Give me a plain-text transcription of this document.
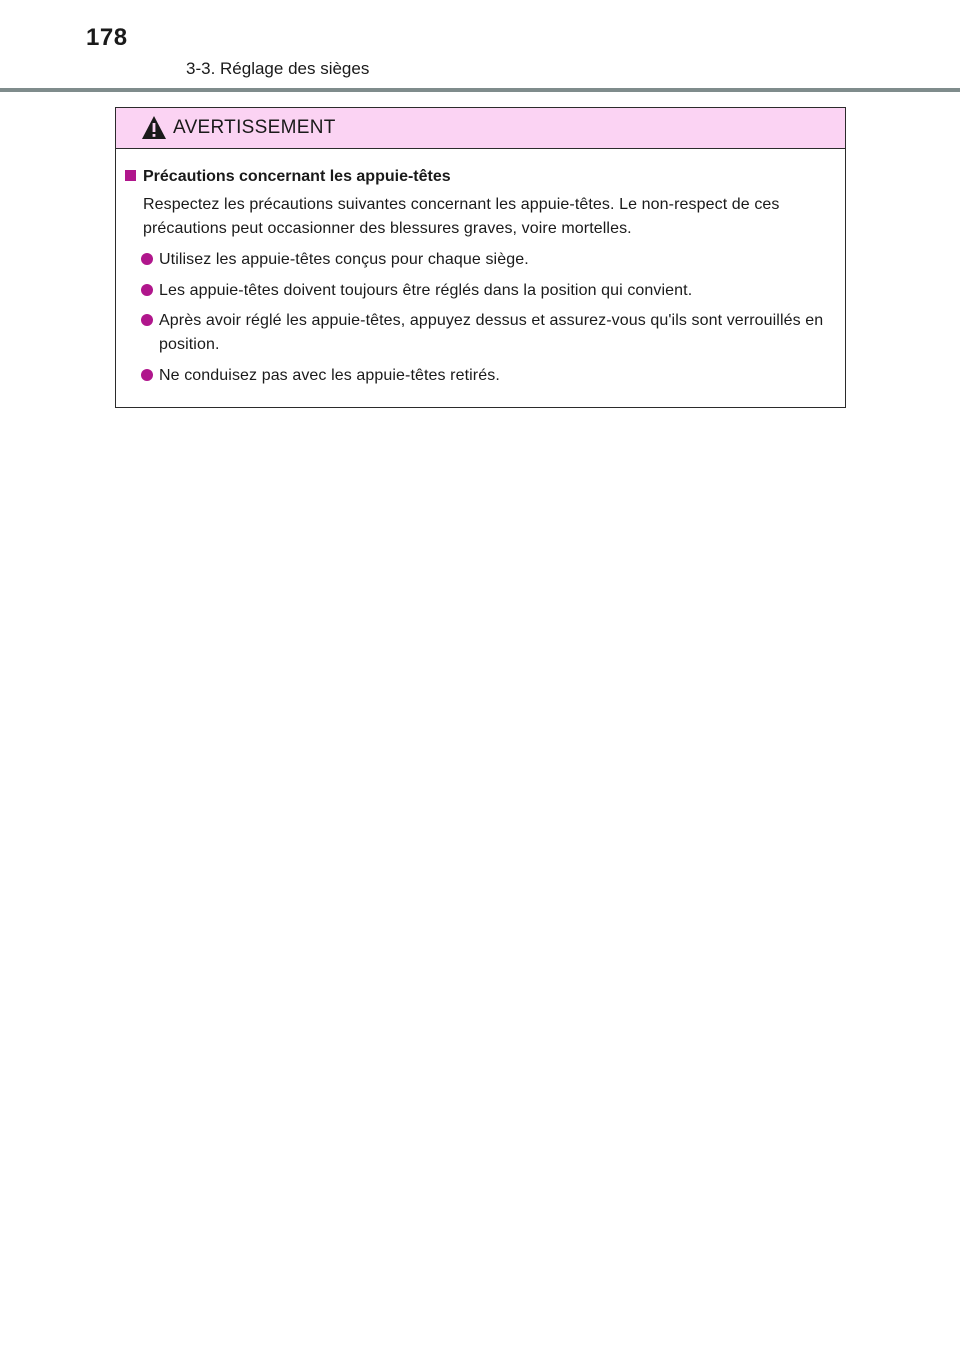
178
3-3. Réglage des sièges
AVERTISSEMENT
Précautions concernant les appuie-têtes
Respectez les précautions suivantes concernant les appuie-têtes. Le non-respect de ces précautions peut occasionner des blessures graves, voire mortelles.
Utilisez les appuie-têtes conçus pour chaque siège.
Les appuie-têtes doivent toujours être réglés dans la position qui convient.
Après avoir réglé les appuie-têtes, appuyez dessus et assurez-vous qu'ils sont verrouillés en position.
Ne conduisez pas avec les appuie-têtes retirés.
